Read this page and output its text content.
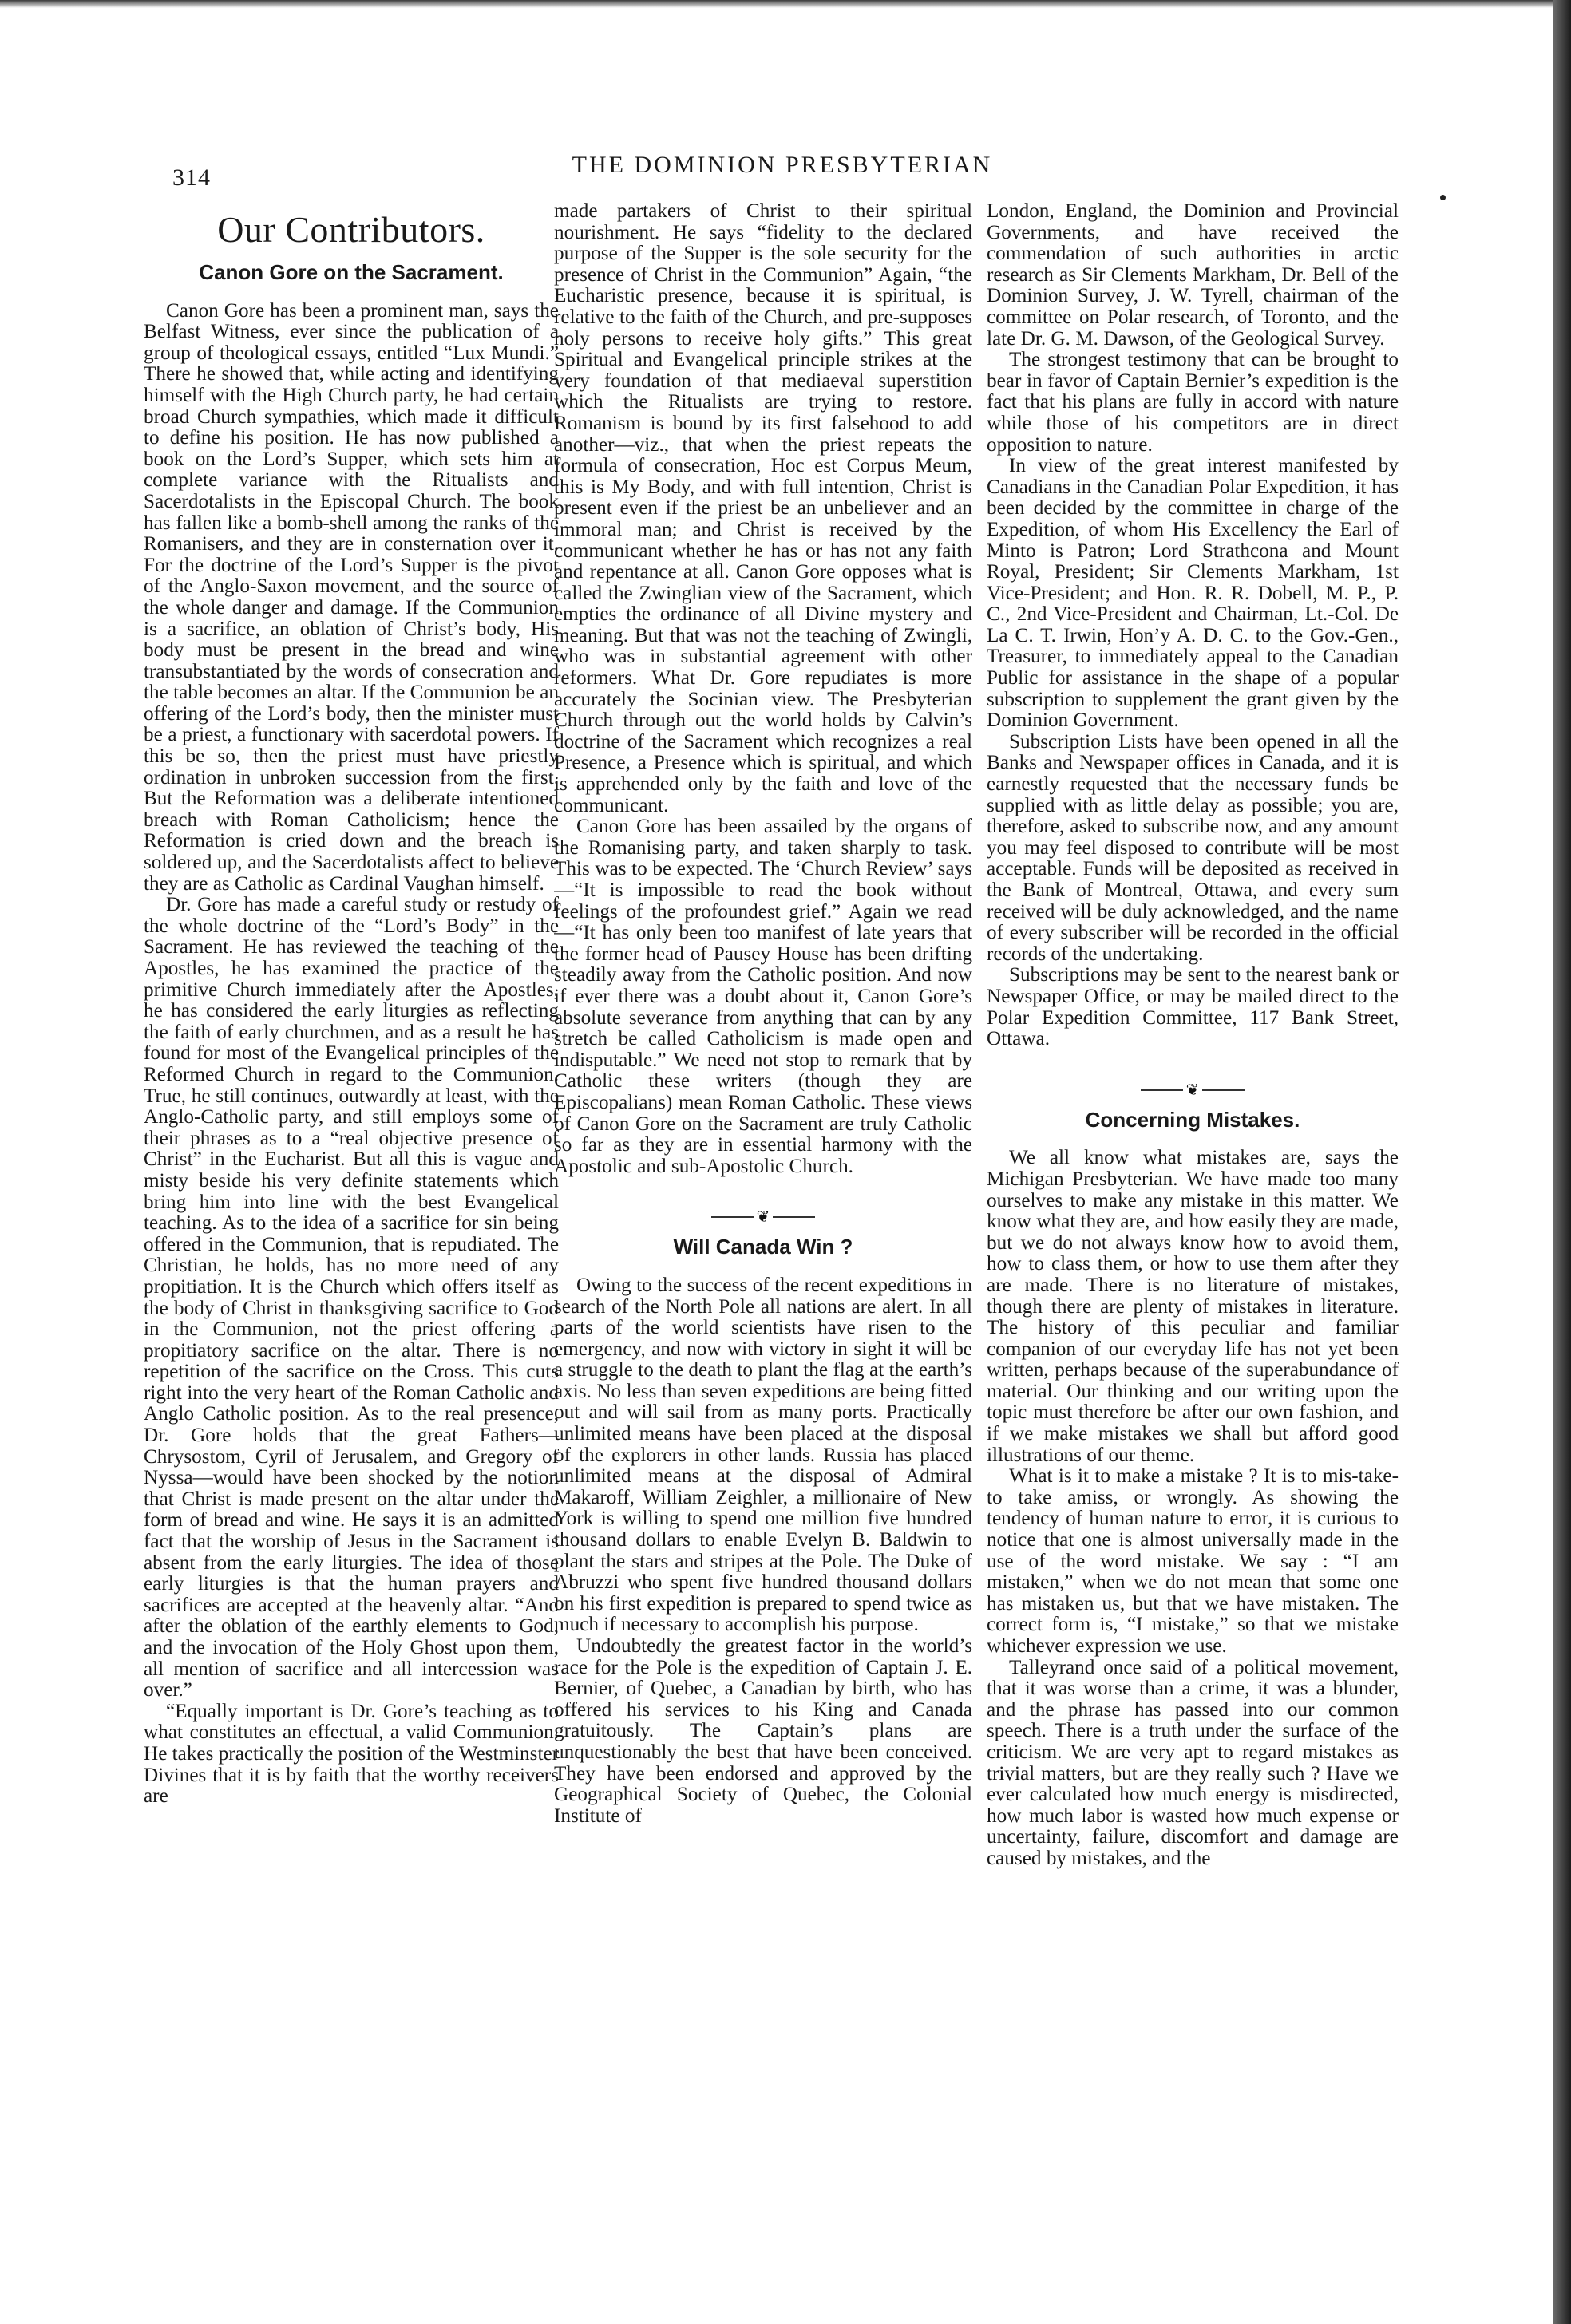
314	THE DOMINION PRESBYTERIAN
Our Contributors.
Canon Gore on the Sacrament.

Canon Gore has been a prominent man, says the Belfast Witness, ever since the publication of a group of theological essays, entitled “Lux Mundi.” There he showed that, while acting and identifying himself with the High Church party, he had certain broad Church sympathies, which made it difficult to define his position. He has now published a book on the Lord’s Supper, which sets him at complete variance with the Ritualists and Sacerdotalists in the Episcopal Church. The book has fallen like a bomb-shell among the ranks of the Romanisers, and they are in consternation over it. For the doctrine of the Lord’s Supper is the pivot of the Anglo-Saxon movement, and the source of the whole danger and damage. If the Communion is a sacrifice, an oblation of Christ’s body, His body must be present in the bread and wine transubstantiated by the words of consecration and the table becomes an altar. If the Communion be an offering of the Lord’s body, then the minister must be a priest, a functionary with sacerdotal powers. If this be so, then the priest must have priestly ordination in unbroken succession from the first. But the Reformation was a deliberate intentioned breach with Roman Catholicism; hence the Reformation is cried down and the breach is soldered up, and the Sacerdotalists affect to believe they are as Catholic as Cardinal Vaughan himself.

Dr. Gore has made a careful study or restudy of the whole doctrine of the “Lord’s Body” in the Sacrament. He has reviewed the teaching of the Apostles, he has examined the practice of the primitive Church immediately after the Apostles, he has considered the early liturgies as reflecting the faith of early churchmen, and as a result he has found for most of the Evangelical principles of the Reformed Church in regard to the Communion. True, he still continues, outwardly at least, with the Anglo-Catholic party, and still employs some of their phrases as to a “real objective presence of Christ” in the Eucharist. But all this is vague and misty beside his very definite statements which bring him into line with the best Evangelical teaching. As to the idea of a sacrifice for sin being offered in the Communion, that is repudiated. The Christian, he holds, has no more need of any propitiation. It is the Church which offers itself as the body of Christ in thanksgiving sacrifice to God in the Communion, not the priest offering a propitiatory sacrifice on the altar. There is no repetition of the sacrifice on the Cross. This cuts right into the very heart of the Roman Catholic and Anglo Catholic position. As to the real presence, Dr. Gore holds that the great Fathers—Chrysostom, Cyril of Jerusalem, and Gregory of Nyssa—would have been shocked by the notion that Christ is made present on the altar under the form of bread and wine. He says it is an admitted fact that the worship of Jesus in the Sacrament is absent from the early liturgies. The idea of those early liturgies is that the human prayers and sacrifices are accepted at the heavenly altar. “And after the oblation of the earthly elements to God, and the invocation of the Holy Ghost upon them, all mention of sacrifice and all intercession was over.”

“Equally important is Dr. Gore’s teaching as to what constitutes an effectual, a valid Communion. He takes practically the position of the Westminster Divines that it is by faith that the worthy receivers are

made partakers of Christ to their spiritual nourishment. He says “fidelity to the declared purpose of the Supper is the sole security for the presence of Christ in the Communion” Again, “the Eucharistic presence, because it is spiritual, is relative to the faith of the Church, and pre-supposes holy persons to receive holy gifts.” This great Spiritual and Evangelical principle strikes at the very foundation of that mediaeval superstition which the Ritualists are trying to restore. Romanism is bound by its first falsehood to add another—viz., that when the priest repeats the formula of consecration, Hoc est Corpus Meum, this is My Body, and with full intention, Christ is present even if the priest be an unbeliever and an immoral man; and Christ is received by the communicant whether he has or has not any faith and repentance at all. Canon Gore opposes what is called the Zwinglian view of the Sacrament, which empties the ordinance of all Divine mystery and meaning. But that was not the teaching of Zwingli, who was in substantial agreement with other reformers. What Dr. Gore repudiates is more accurately the Socinian view. The Presbyterian Church through out the world holds by Calvin’s doctrine of the Sacrament which recognizes a real Presence, a Presence which is spiritual, and which is apprehended only by the faith and love of the communicant.

Canon Gore has been assailed by the organs of the Romanising party, and taken sharply to task. This was to be expected. The ‘Church Review’ says—“It is impossible to read the book without feelings of the profoundest grief.” Again we read—“It has only been too manifest of late years that the former head of Pausey House has been drifting steadily away from the Catholic position. And now if ever there was a doubt about it, Canon Gore’s absolute severance from anything that can by any stretch be called Catholicism is made open and indisputable.” We need not stop to remark that by Catholic these writers (though they are Episcopalians) mean Roman Catholic. These views of Canon Gore on the Sacrament are truly Catholic so far as they are in essential harmony with the Apostolic and sub-Apostolic Church.

❦
Will Canada Win ?

Owing to the success of the recent expeditions in search of the North Pole all nations are alert. In all parts of the world scientists have risen to the emergency, and now with victory in sight it will be a struggle to the death to plant the flag at the earth’s axis. No less than seven expeditions are being fitted out and will sail from as many ports. Practically unlimited means have been placed at the disposal of the explorers in other lands. Russia has placed unlimited means at the disposal of Admiral Makaroff, William Zeighler, a millionaire of New York is willing to spend one million five hundred thousand dollars to enable Evelyn B. Baldwin to plant the stars and stripes at the Pole. The Duke of Abruzzi who spent five hundred thousand dollars on his first expedition is prepared to spend twice as much if necessary to accomplish his purpose.

Undoubtedly the greatest factor in the world’s race for the Pole is the expedition of Captain J. E. Bernier, of Quebec, a Canadian by birth, who has offered his services to his King and Canada gratuitously. The Captain’s plans are unquestionably the best that have been conceived. They have been endorsed and approved by the Geographical Society of Quebec, the Colonial Institute of

London, England, the Dominion and Provincial Governments, and have received the commendation of such authorities in arctic research as Sir Clements Markham, Dr. Bell of the Dominion Survey, J. W. Tyrell, chairman of the committee on Polar research, of Toronto, and the late Dr. G. M. Dawson, of the Geological Survey.

The strongest testimony that can be brought to bear in favor of Captain Bernier’s expedition is the fact that his plans are fully in accord with nature while those of his competitors are in direct opposition to nature.

In view of the great interest manifested by Canadians in the Canadian Polar Expedition, it has been decided by the committee in charge of the Expedition, of whom His Excellency the Earl of Minto is Patron; Lord Strathcona and Mount Royal, President; Sir Clements Markham, 1st Vice-President; and Hon. R. R. Dobell, M. P., P. C., 2nd Vice-President and Chairman, Lt.-Col. De La C. T. Irwin, Hon’y A. D. C. to the Gov.-Gen., Treasurer, to immediately appeal to the Canadian Public for assistance in the shape of a popular subscription to supplement the grant given by the Dominion Government.

Subscription Lists have been opened in all the Banks and Newspaper offices in Canada, and it is earnestly requested that the necessary funds be supplied with as little delay as possible; you are, therefore, asked to subscribe now, and any amount you may feel disposed to contribute will be most acceptable. Funds will be deposited as received in the Bank of Montreal, Ottawa, and every sum received will be duly acknowledged, and the name of every subscriber will be recorded in the official records of the undertaking.

Subscriptions may be sent to the nearest bank or Newspaper Office, or may be mailed direct to the Polar Expedition Committee, 117 Bank Street, Ottawa.

❦
Concerning Mistakes.

We all know what mistakes are, says the Michigan Presbyterian. We have made too many ourselves to make any mistake in this matter. We know what they are, and how easily they are made, but we do not always know how to avoid them, how to class them, or how to use them after they are made. There is no literature of mistakes, though there are plenty of mistakes in literature. The history of this peculiar and familiar companion of our everyday life has not yet been written, perhaps because of the superabundance of material. Our thinking and our writing upon the topic must therefore be after our own fashion, and if we make mistakes we shall but afford good illustrations of our theme.

What is it to make a mistake ? It is to mis-take-to take amiss, or wrongly. As showing the tendency of human nature to error, it is curious to notice that one is almost universally made in the use of the word mistake. We say : “I am mistaken,” when we do not mean that some one has mistaken us, but that we have mistaken. The correct form is, “I mistake,” so that we mistake whichever expression we use.

Talleyrand once said of a political movement, that it was worse than a crime, it was a blunder, and the phrase has passed into our common speech. There is a truth under the surface of the criticism. We are very apt to regard mistakes as trivial matters, but are they really such ? Have we ever calculated how much energy is misdirected, how much labor is wasted how much expense or uncertainty, failure, discomfort and damage are caused by mistakes, and the
